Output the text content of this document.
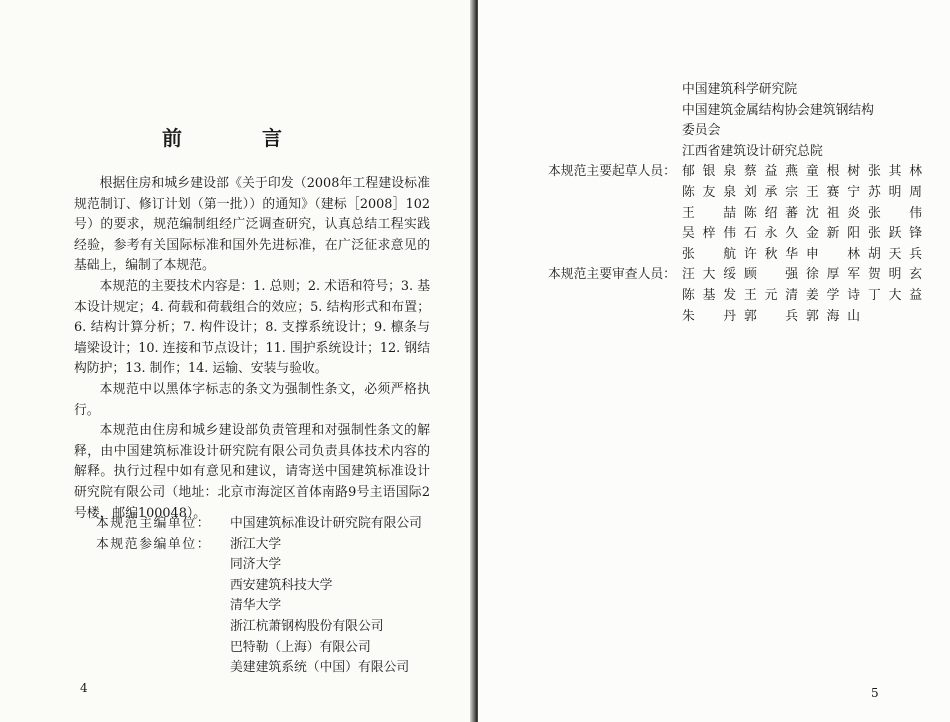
前　言

根据住房和城乡建设部《关于印发（2008年工程建设标准规范制订、修订计划（第一批））的通知》（建标［2008］102号）的要求，规范编制组经广泛调查研究，认真总结工程实践经验，参考有关国际标准和国外先进标准，在广泛征求意见的基础上，编制了本规范。

本规范的主要技术内容是：1. 总则；2. 术语和符号；3. 基本设计规定；4. 荷载和荷载组合的效应；5. 结构形式和布置；6. 结构计算分析；7. 构件设计；8. 支撑系统设计；9. 檩条与墙梁设计；10. 连接和节点设计；11. 围护系统设计；12. 钢结构防护；13. 制作；14. 运输、安装与验收。

本规范中以黑体字标志的条文为强制性条文，必须严格执行。

本规范由住房和城乡建设部负责管理和对强制性条文的解释，由中国建筑标准设计研究院有限公司负责具体技术内容的解释。执行过程中如有意见和建议，请寄送中国建筑标准设计研究院有限公司（地址：北京市海淀区首体南路9号主语国际2号楼，邮编100048）。

本规范主编单位：	中国建筑标准设计研究院有限公司
本规范参编单位：	浙江大学
同济大学
西安建筑科技大学
清华大学
浙江杭萧钢构股份有限公司
巴特勒（上海）有限公司
美建建筑系统（中国）有限公司
4	5
中国建筑科学研究院
中国建筑金属结构协会建筑钢结构
委员会
江西省建筑设计研究总院
本规范主要起草人员： 郁银泉 蔡益燕 童根树 张其林
陈友泉 刘承宗 王赛宁 苏明周
王喆 陈绍蕃 沈祖炎 张伟
吴梓伟 石永久 金新阳 张跃锋
张航 许秋华 申林 胡天兵
本规范主要审查人员： 汪大绥 顾强 徐厚军 贺明玄
陈基发 王元清 姜学诗 丁大益
朱丹 郭兵 郭海山
